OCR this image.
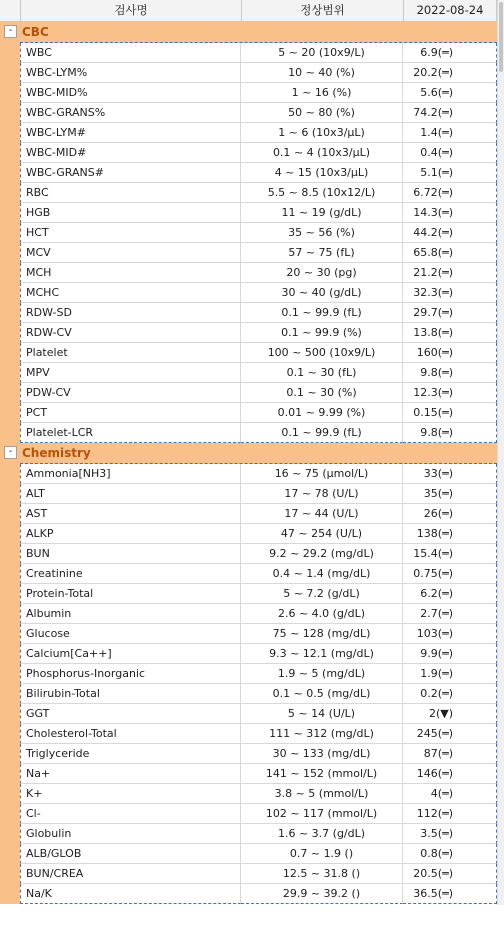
검사명	정상범위	2022-08-24
- CBC
WBC	5 ~ 20 (10x9/L)	6.9(═)
WBC-LYM%	10 ~ 40 (%)	20.2(═)
WBC-MID%	1 ~ 16 (%)	5.6(═)
WBC-GRANS%	50 ~ 80 (%)	74.2(═)
WBC-LYM#	1 ~ 6 (10x3/μL)	1.4(═)
WBC-MID#	0.1 ~ 4 (10x3/μL)	0.4(═)
WBC-GRANS#	4 ~ 15 (10x3/μL)	5.1(═)
RBC	5.5 ~ 8.5 (10x12/L)	6.72(═)
HGB	11 ~ 19 (g/dL)	14.3(═)
HCT	35 ~ 56 (%)	44.2(═)
MCV	57 ~ 75 (fL)	65.8(═)
MCH	20 ~ 30 (pg)	21.2(═)
MCHC	30 ~ 40 (g/dL)	32.3(═)
RDW-SD	0.1 ~ 99.9 (fL)	29.7(═)
RDW-CV	0.1 ~ 99.9 (%)	13.8(═)
Platelet	100 ~ 500 (10x9/L)	160(═)
MPV	0.1 ~ 30 (fL)	9.8(═)
PDW-CV	0.1 ~ 30 (%)	12.3(═)
PCT	0.01 ~ 9.99 (%)	0.15(═)
Platelet-LCR	0.1 ~ 99.9 (fL)	9.8(═)
- Chemistry
Ammonia[NH3]	16 ~ 75 (μmol/L)	33(═)
ALT	17 ~ 78 (U/L)	35(═)
AST	17 ~ 44 (U/L)	26(═)
ALKP	47 ~ 254 (U/L)	138(═)
BUN	9.2 ~ 29.2 (mg/dL)	15.4(═)
Creatinine	0.4 ~ 1.4 (mg/dL)	0.75(═)
Protein-Total	5 ~ 7.2 (g/dL)	6.2(═)
Albumin	2.6 ~ 4.0 (g/dL)	2.7(═)
Glucose	75 ~ 128 (mg/dL)	103(═)
Calcium[Ca++]	9.3 ~ 12.1 (mg/dL)	9.9(═)
Phosphorus-Inorganic	1.9 ~ 5 (mg/dL)	1.9(═)
Bilirubin-Total	0.1 ~ 0.5 (mg/dL)	0.2(═)
GGT	5 ~ 14 (U/L)	2(▼)
Cholesterol-Total	111 ~ 312 (mg/dL)	245(═)
Triglyceride	30 ~ 133 (mg/dL)	87(═)
Na+	141 ~ 152 (mmol/L)	146(═)
K+	3.8 ~ 5 (mmol/L)	4(═)
Cl-	102 ~ 117 (mmol/L)	112(═)
Globulin	1.6 ~ 3.7 (g/dL)	3.5(═)
ALB/GLOB	0.7 ~ 1.9 ()	0.8(═)
BUN/CREA	12.5 ~ 31.8 ()	20.5(═)
Na/K	29.9 ~ 39.2 ()	36.5(═)
